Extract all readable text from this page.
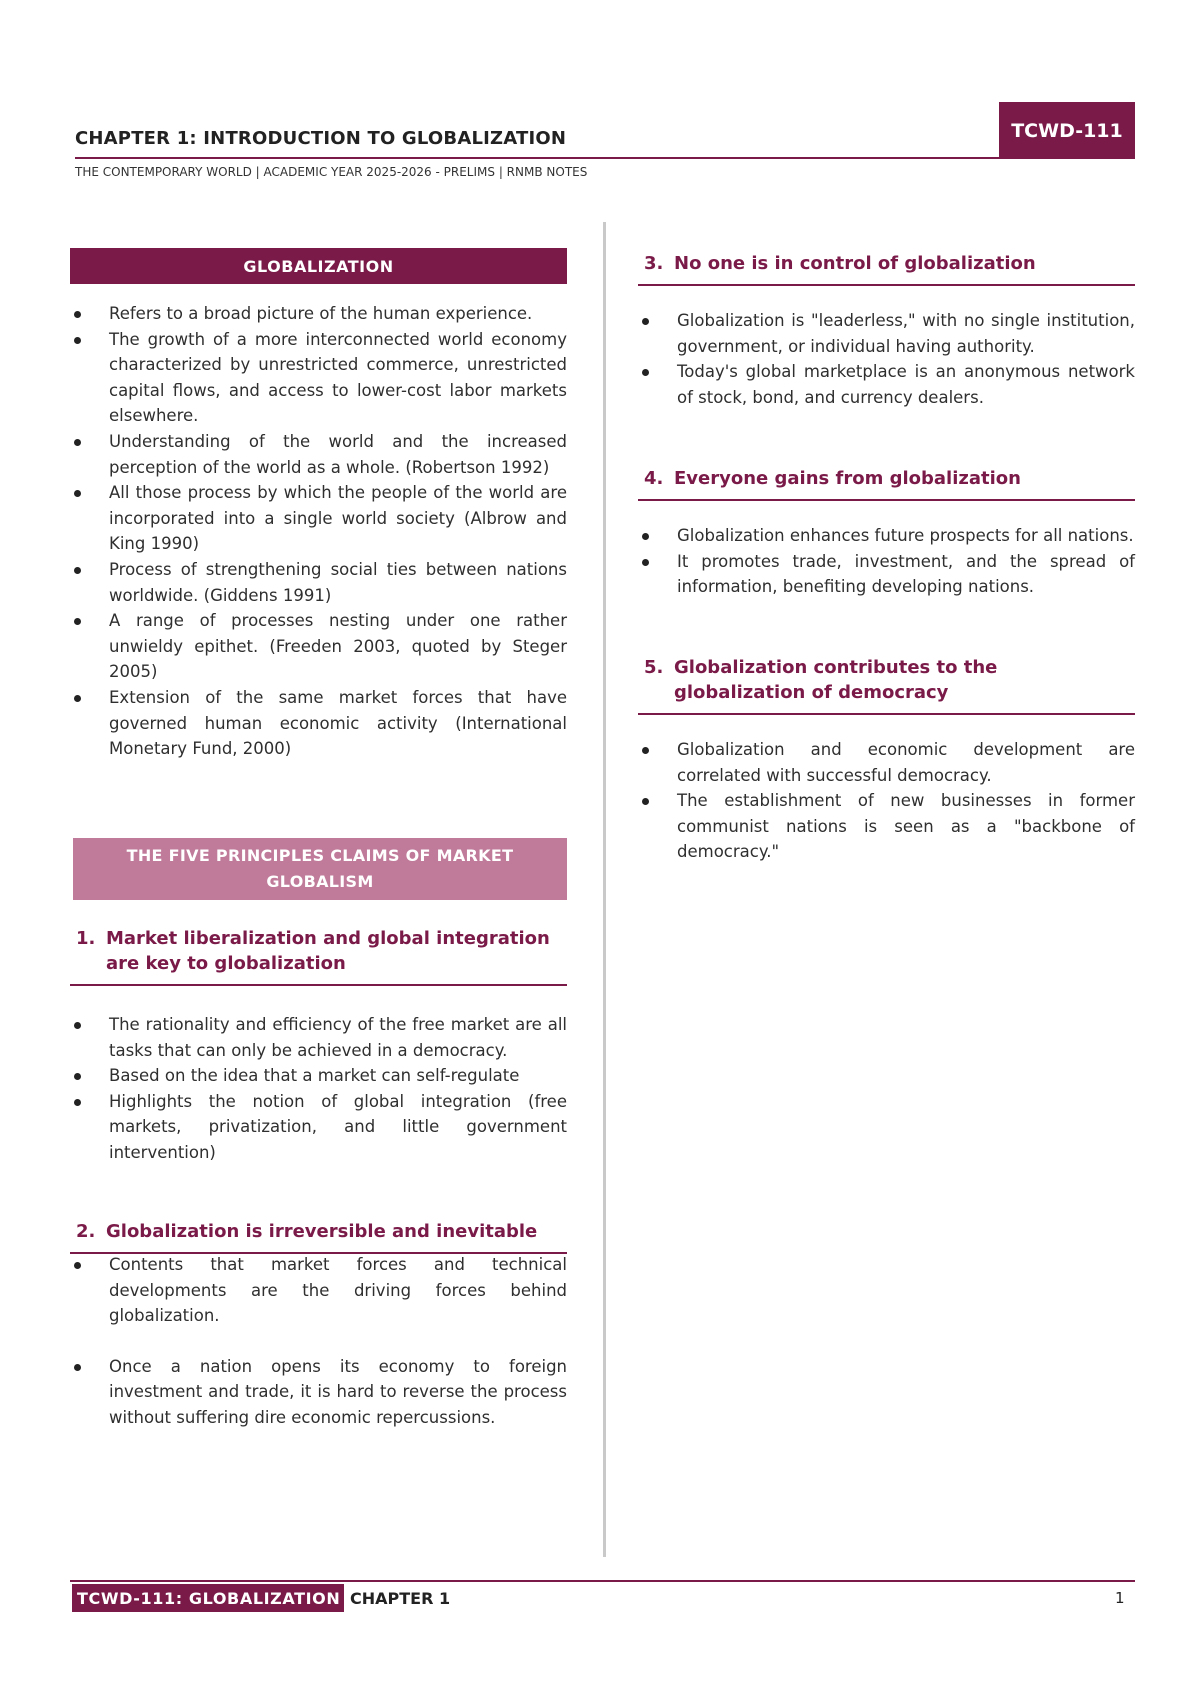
CHAPTER 1: INTRODUCTION TO GLOBALIZATION
THE CONTEMPORARY WORLD | ACADEMIC YEAR 2025-2026 - PRELIMS | RNMB NOTES
TCWD-111
GLOBALIZATION
Refers to a broad picture of the human experience.
The growth of a more interconnected world economy characterized by unrestricted commerce, unrestricted capital flows, and access to lower-cost labor markets elsewhere.
Understanding of the world and the increased perception of the world as a whole. (Robertson 1992)
All those process by which the people of the world are incorporated into a single world society (Albrow and King 1990)
Process of strengthening social ties between nations worldwide. (Giddens 1991)
A range of processes nesting under one rather unwieldy epithet. (Freeden 2003, quoted by Steger 2005)
Extension of the same market forces that have governed human economic activity (International Monetary Fund, 2000)
THE FIVE PRINCIPLES CLAIMS OF MARKET GLOBALISM

1. Market liberalization and global integration are key to globalization

The rationality and efficiency of the free market are all tasks that can only be achieved in a democracy.
Based on the idea that a market can self-regulate
Highlights the notion of global integration (free markets, privatization, and little government intervention)

2. Globalization is irreversible and inevitable

Contents that market forces and technical developments are the driving forces behind globalization.
Once a nation opens its economy to foreign investment and trade, it is hard to reverse the process without suffering dire economic repercussions.

3. No one is in control of globalization

Globalization is "leaderless," with no single institution, government, or individual having authority.
Today's global marketplace is an anonymous network of stock, bond, and currency dealers.

4. Everyone gains from globalization

Globalization enhances future prospects for all nations.
It promotes trade, investment, and the spread of information, benefiting developing nations.

5. Globalization contributes to the globalization of democracy

Globalization and economic development are correlated with successful democracy.
The establishment of new businesses in former communist nations is seen as a "backbone of democracy."
TCWD-111: GLOBALIZATION CHAPTER 1	1
